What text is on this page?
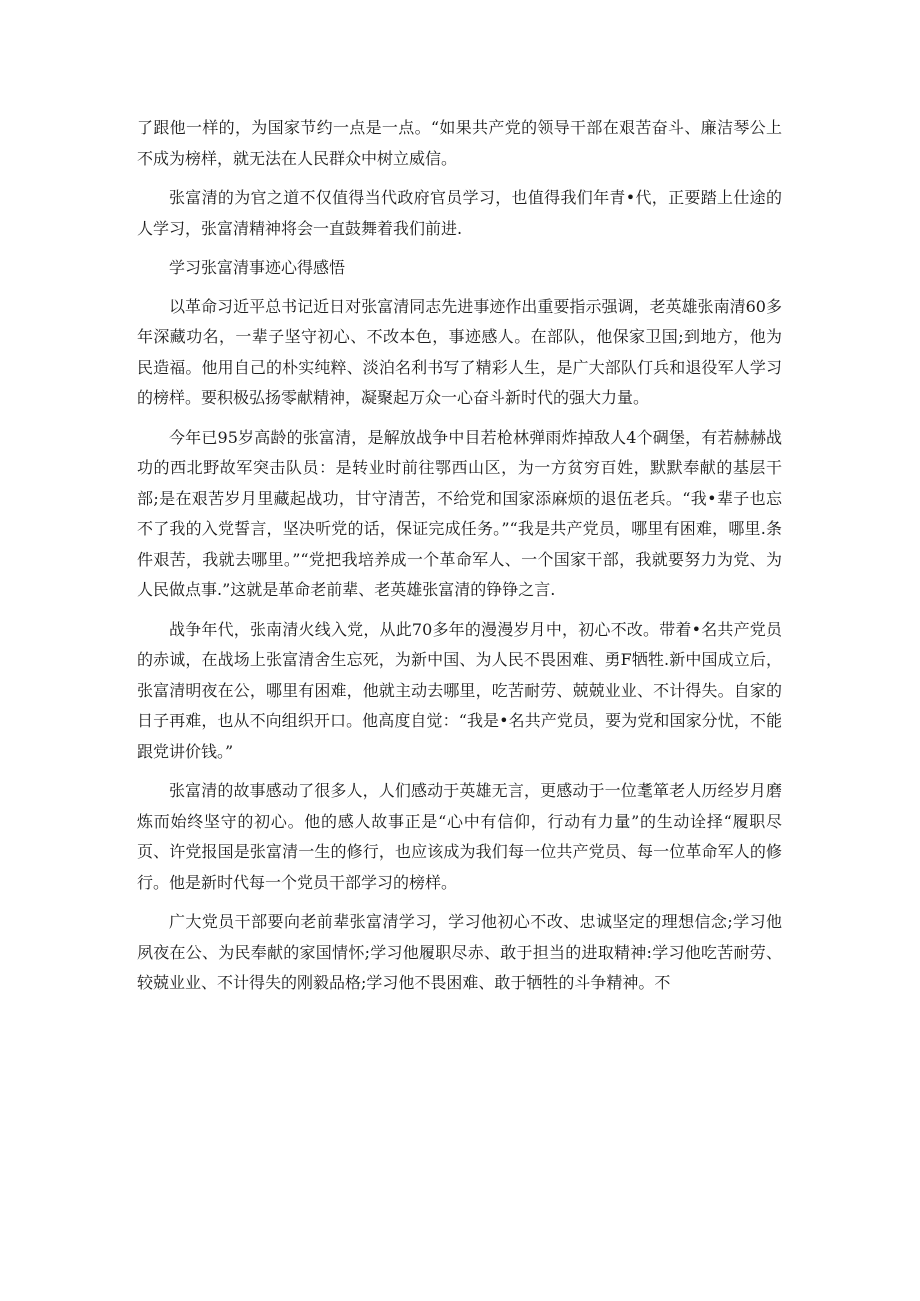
了跟他一样的，为国家节约一点是一点。“如果共产党的领导干部在艰苦奋斗、廉洁琴公上不成为榜样，就无法在人民群众中树立威信。

张富清的为官之道不仅值得当代政府官员学习，也值得我们年青•代，正要踏上仕途的人学习，张富清精神将会一直鼓舞着我们前进.

学习张富清事迹心得感悟

以革命习近平总书记近日对张富清同志先进事迹作出重要指示强调，老英雄张南清60多年深藏功名，一辈子坚守初心、不改本色，事迹感人。在部队，他保家卫国;到地方，他为民造福。他用自己的朴实纯粹、淡泊名利书写了精彩人生，是广大部队仃兵和退役军人学习的榜样。要积极弘扬零献精神，凝聚起万众一心奋斗新时代的强大力量。

今年已95岁高龄的张富清，是解放战争中目若枪林弹雨炸掉敌人4个碉堡，有若赫赫战功的西北野故军突击队员：是转业时前往鄂西山区，为一方贫穷百姓，默默奉献的基层干部;是在艰苦岁月里藏起战功，甘守清苦，不给党和国家添麻烦的退伍老兵。“我•辈子也忘不了我的入党誓言，坚决听党的话，保证完成任务。”“我是共产党员，哪里有困难，哪里.条件艰苦，我就去哪里。”“党把我培养成一个革命军人、一个国家干部，我就要努力为党、为人民做点事.”这就是革命老前辈、老英雄张富清的铮铮之言.

战争年代，张南清火线入党，从此70多年的漫漫岁月中，初心不改。带着•名共产党员的赤诚，在战场上张富清舍生忘死，为新中国、为人民不畏困难、勇F牺牲.新中国成立后，张富清明夜在公，哪里有困难，他就主动去哪里，吃苦耐劳、兢兢业业、不计得失。自家的日子再难，也从不向组织开口。他高度自觉：“我是•名共产党员，要为党和国家分忧，不能跟党讲价钱。”

张富清的故事感动了很多人，人们感动于英雄无言，更感动于一位耄箪老人历经岁月磨炼而始终坚守的初心。他的感人故事正是“心中有信仰，行动有力量”的生动诠择“履职尽页、许党报国是张富清一生的修行，也应该成为我们每一位共产党员、每一位革命军人的修行。他是新时代每一个党员干部学习的榜样。

广大党员干部要向老前辈张富清学习，学习他初心不改、忠诚坚定的理想信念;学习他夙夜在公、为民奉献的家国情怀;学习他履职尽赤、敢于担当的进取精神:学习他吃苦耐劳、较兢业业、不计得失的刚毅品格;学习他不畏困难、敢于牺牲的斗争精神。不
